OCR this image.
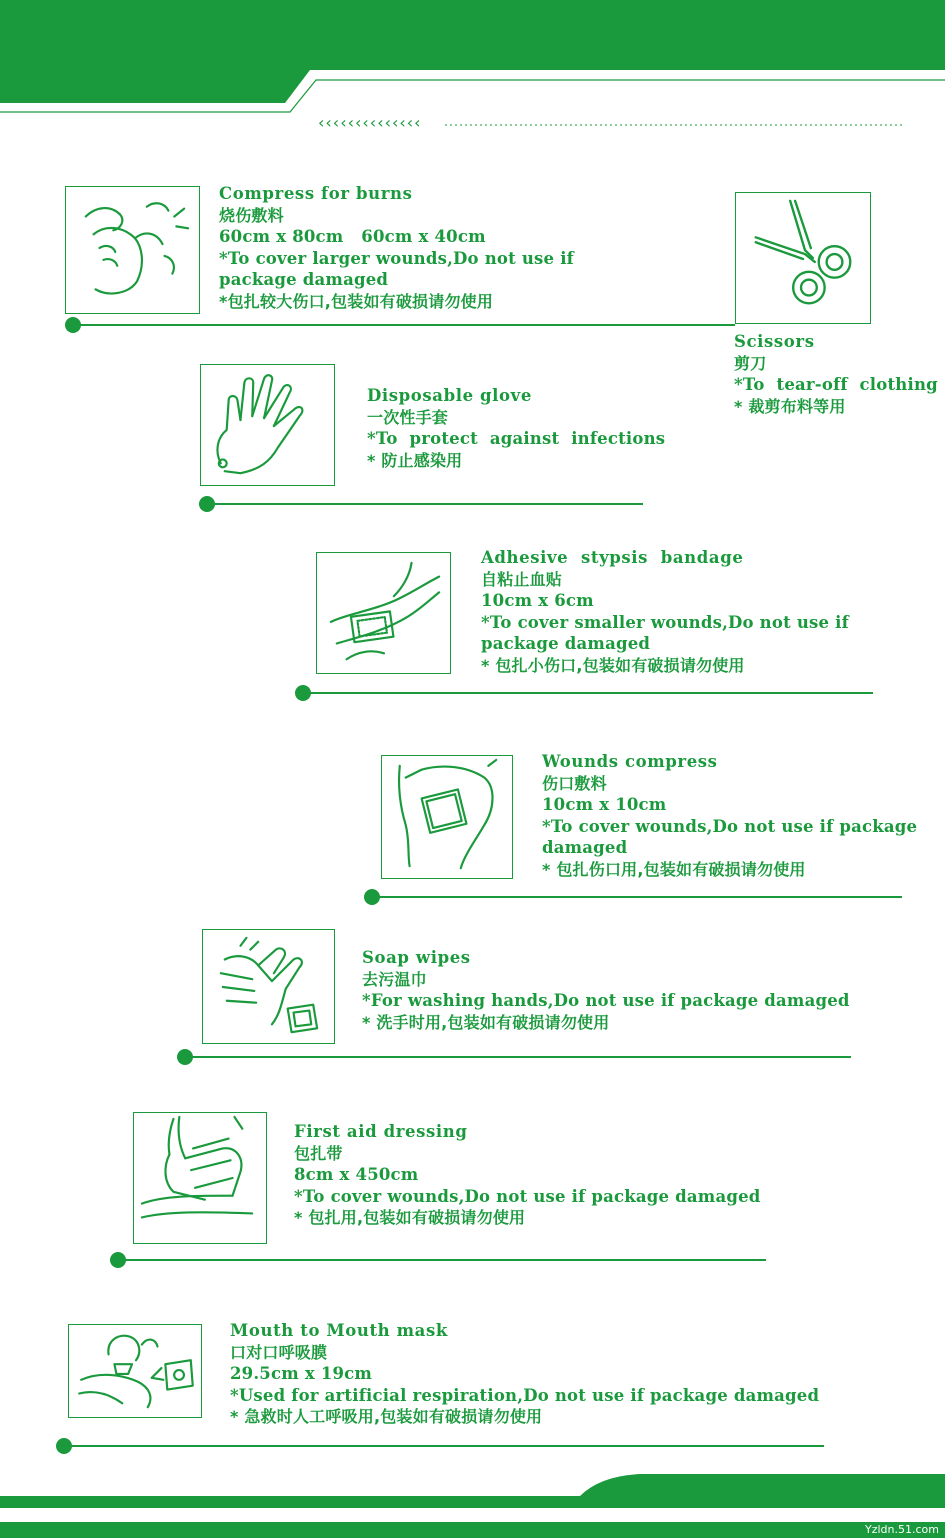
‹‹‹‹‹‹‹‹‹‹‹‹‹‹
Yzldn.51.com
Compress for burns
烧伤敷料
60cm x 80cm   60cm x 40cm
*To cover larger wounds,Do not use if
package damaged
*包扎较大伤口,包装如有破损请勿使用
Scissors
剪刀
*To  tear-off  clothing
* 裁剪布料等用
Disposable glove
一次性手套
*To  protect  against  infections
* 防止感染用
Adhesive  stypsis  bandage
自粘止血贴
10cm x 6cm
*To cover smaller wounds,Do not use if
package damaged
* 包扎小伤口,包装如有破损请勿使用
Wounds compress
伤口敷料
10cm x 10cm
*To cover wounds,Do not use if package
damaged
* 包扎伤口用,包装如有破损请勿使用
Soap wipes
去污温巾
*For washing hands,Do not use if package damaged
* 洗手时用,包装如有破损请勿使用
First aid dressing
包扎带
8cm x 450cm
*To cover wounds,Do not use if package damaged
* 包扎用,包装如有破损请勿使用
Mouth to Mouth mask
口对口呼吸膜
29.5cm x 19cm
*Used for artificial respiration,Do not use if package damaged
* 急救时人工呼吸用,包装如有破损请勿使用
